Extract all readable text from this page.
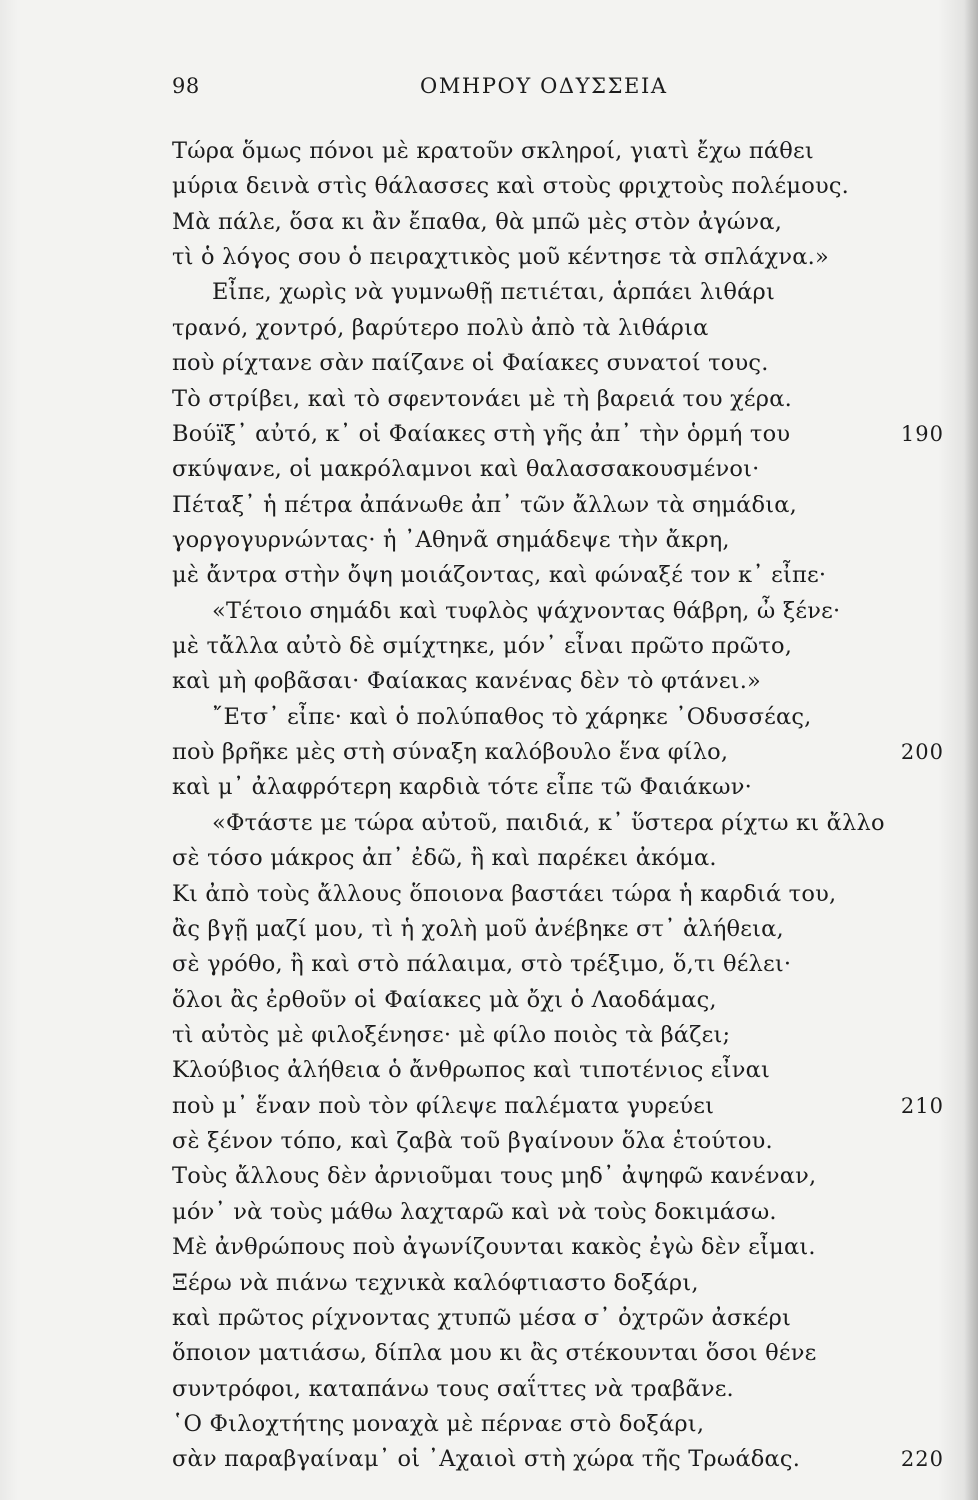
98	ΟΜΗΡΟΥ ΟΔΥΣΣΕΙΑ
Τώρα ὅμως πόνοι μὲ κρατοῦν σκληροί, γιατὶ ἔχω πάθει
μύρια δεινὰ στὶς θάλασσες καὶ στοὺς φριχτοὺς πολέμους.
Μὰ πάλε, ὅσα κι ἂν ἔπαθα, θὰ μπῶ μὲς στὸν ἀγώνα,
τὶ ὁ λόγος σου ὁ πειραχτικὸς μοῦ κέντησε τὰ σπλάχνα.»
Εἶπε, χωρὶς νὰ γυμνωθῇ πετιέται, ἁρπάει λιθάρι
τρανό, χοντρό, βαρύτερο πολὺ ἀπὸ τὰ λιθάρια
ποὺ ρίχτανε σὰν παίζανε οἱ Φαίακες συνατοί τους.
Τὸ στρίβει, καὶ τὸ σφεντονάει μὲ τὴ βαρειά του χέρα.
Βούїξ᾽ αὐτό, κ᾽ οἱ Φαίακες στὴ γῆς ἀπ᾽ τὴν ὁρμή του	190
σκύψανε, οἱ μακρόλαμνοι καὶ θαλασσακουσμένοι·
Πέταξ᾽ ἡ πέτρα ἀπάνωθε ἀπ᾽ τῶν ἄλλων τὰ σημάδια,
γοργογυρνώντας· ἡ ᾽Αθηνᾶ σημάδεψε τὴν ἄκρη,
μὲ ἄντρα στὴν ὄψη μοιάζοντας, καὶ φώναξέ τον κ᾽ εἶπε·
«Τέτοιο σημάδι καὶ τυφλὸς ψάχνοντας θάβρη, ὦ ξένε·
μὲ τἄλλα αὐτὸ δὲ σμίχτηκε, μόν᾽ εἶναι πρῶτο πρῶτο,
καὶ μὴ φοβᾶσαι· Φαίακας κανένας δὲν τὸ φτάνει.»
῎Ετσ᾽ εἶπε· καὶ ὁ πολύπαθος τὸ χάρηκε ᾽Οδυσσέας,
ποὺ βρῆκε μὲς στὴ σύναξη καλόβουλο ἕνα φίλο,	200
καὶ μ᾽ ἀλαφρότερη καρδιὰ τότε εἶπε τῶ Φαιάκων·
«Φτάστε με τώρα αὐτοῦ, παιδιά, κ᾽ ὕστερα ρίχτω κι ἄλλο
σὲ τόσο μάκρος ἀπ᾽ ἐδῶ, ἢ καὶ παρέκει ἀκόμα.
Κι ἀπὸ τοὺς ἄλλους ὅποιονα βαστάει τώρα ἡ καρδιά του,
ἂς βγῇ μαζί μου, τὶ ἡ χολὴ μοῦ ἀνέβηκε στ᾽ ἀλήθεια,
σὲ γρόθο, ἢ καὶ στὸ πάλαιμα, στὸ τρέξιμο, ὅ,τι θέλει·
ὅλοι ἂς ἐρθοῦν οἱ Φαίακες μὰ ὄχι ὁ Λαοδάμας,
τὶ αὐτὸς μὲ φιλοξένησε· μὲ φίλο ποιὸς τὰ βάζει;
Κλούβιος ἀλήθεια ὁ ἄνθρωπος καὶ τιποτένιος εἶναι
ποὺ μ᾽ ἕναν ποὺ τὸν φίλεψε παλέματα γυρεύει	210
σὲ ξένον τόπο, καὶ ζαβὰ τοῦ βγαίνουν ὅλα ἑτούτου.
Τοὺς ἄλλους δὲν ἀρνιοῦμαι τους μηδ᾽ ἀψηφῶ κανέναν,
μόν᾽ νὰ τοὺς μάθω λαχταρῶ καὶ νὰ τοὺς δοκιμάσω.
Μὲ ἀνθρώπους ποὺ ἀγωνίζουνται κακὸς ἐγὼ δὲν εἶμαι.
Ξέρω νὰ πιάνω τεχνικὰ καλόφτιαστο δοξάρι,
καὶ πρῶτος ρίχνοντας χτυπῶ μέσα σ᾽ ὀχτρῶν ἀσκέρι
ὅποιον ματιάσω, δίπλα μου κι ἂς στέκουνται ὅσοι θένε
συντρόφοι, καταπάνω τους σαΐττες νὰ τραβᾶνε.
῾Ο Φιλοχτήτης μοναχὰ μὲ πέρναε στὸ δοξάρι,
σὰν παραβγαίναμ᾽ οἱ ᾽Αχαιοὶ στὴ χώρα τῆς Τρωάδας.	220
